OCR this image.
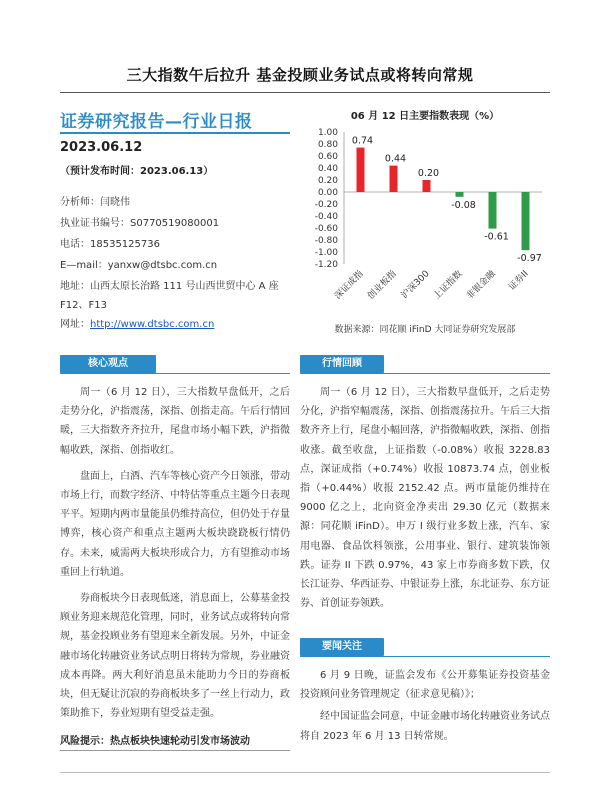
三大指数午后拉升 基金投顾业务试点或将转向常规
证券研究报告—行业日报
2023.06.12
（预计发布时间：2023.06.13）
分析师：闫晓伟
执业证书编号：S0770519080001
电话：18535125736
E—mail：yanxw@dtsbc.com.cn
地址：山西太原长治路 111 号山西世贸中心 A 座
F12、F13
网址：http://www.dtsbc.com.cn
06 月 12 日主要指数表现（%）
1.00
0.80
0.60
0.40
0.20
0.00
-0.20
-0.40
-0.60
-0.80
-1.00
-1.20
0.74
深证成指
0.44
创业板指
0.20
沪深300
-0.08
上证指数
-0.61
非银金融
-0.97
证券II
数据来源：同花顺 iFinD 大同证券研究发展部
核心观点

周一（6 月 12 日），三大指数早盘低开，之后走势分化，沪指震荡，深指、创指走高。午后行情回暖，三大指数齐齐拉升，尾盘市场小幅下跌，沪指微幅收跌，深指、创指收红。

盘面上，白酒、汽车等核心资产今日领涨，带动市场上行，而数字经济、中特估等重点主题今日表现平平。短期内两市量能虽仍维持高位，但仍处于存量博弈，核心资产和重点主题两大板块跷跷板行情仍存。未来，威需两大板块形成合力，方有望推动市场重回上行轨道。

券商板块今日表现低迷，消息面上，公募基金投顾业务迎来规范化管理，同时，业务试点或将转向常规，基金投顾业务有望迎来全新发展。另外，中证金融市场化转融资业务试点明日将转为常规，券业融资成本再降。两大利好消息虽未能助力今日的券商板块，但无疑让沉寂的券商板块多了一丝上行动力，政策助推下，券业短期有望受益走强。

风险提示：热点板块快速轮动引发市场波动
行情回顾

周一（6 月 12 日），三大指数早盘低开，之后走势分化，沪指窄幅震荡，深指、创指震荡拉升。午后三大指数齐齐上行，尾盘小幅回落，沪指微幅收跌，深指、创指收涨。截至收盘，上证指数（-0.08%）收报 3228.83 点，深证成指（+0.74%）收报 10873.74 点，创业板指（+0.44%）收报 2152.42 点。两市量能仍维持在9000 亿之上，北向资金净卖出 29.30 亿元（数据来源：同花顺 iFinD）。申万 I 级行业多数上涨，汽车、家用电器、食品饮料领涨，公用事业、银行、建筑装饰领跌。证券 II 下跌 0.97%，43 家上市券商多数下跌，仅长江证券、华西证券、中银证券上涨，东北证券、东方证券、首创证券领跌。

要闻关注

6 月 9 日晚，证监会发布《公开募集证券投资基金投资顾问业务管理规定（征求意见稿）》；

经中国证监会同意，中证金融市场化转融资业务试点将自 2023 年 6 月 13 日转常规。
